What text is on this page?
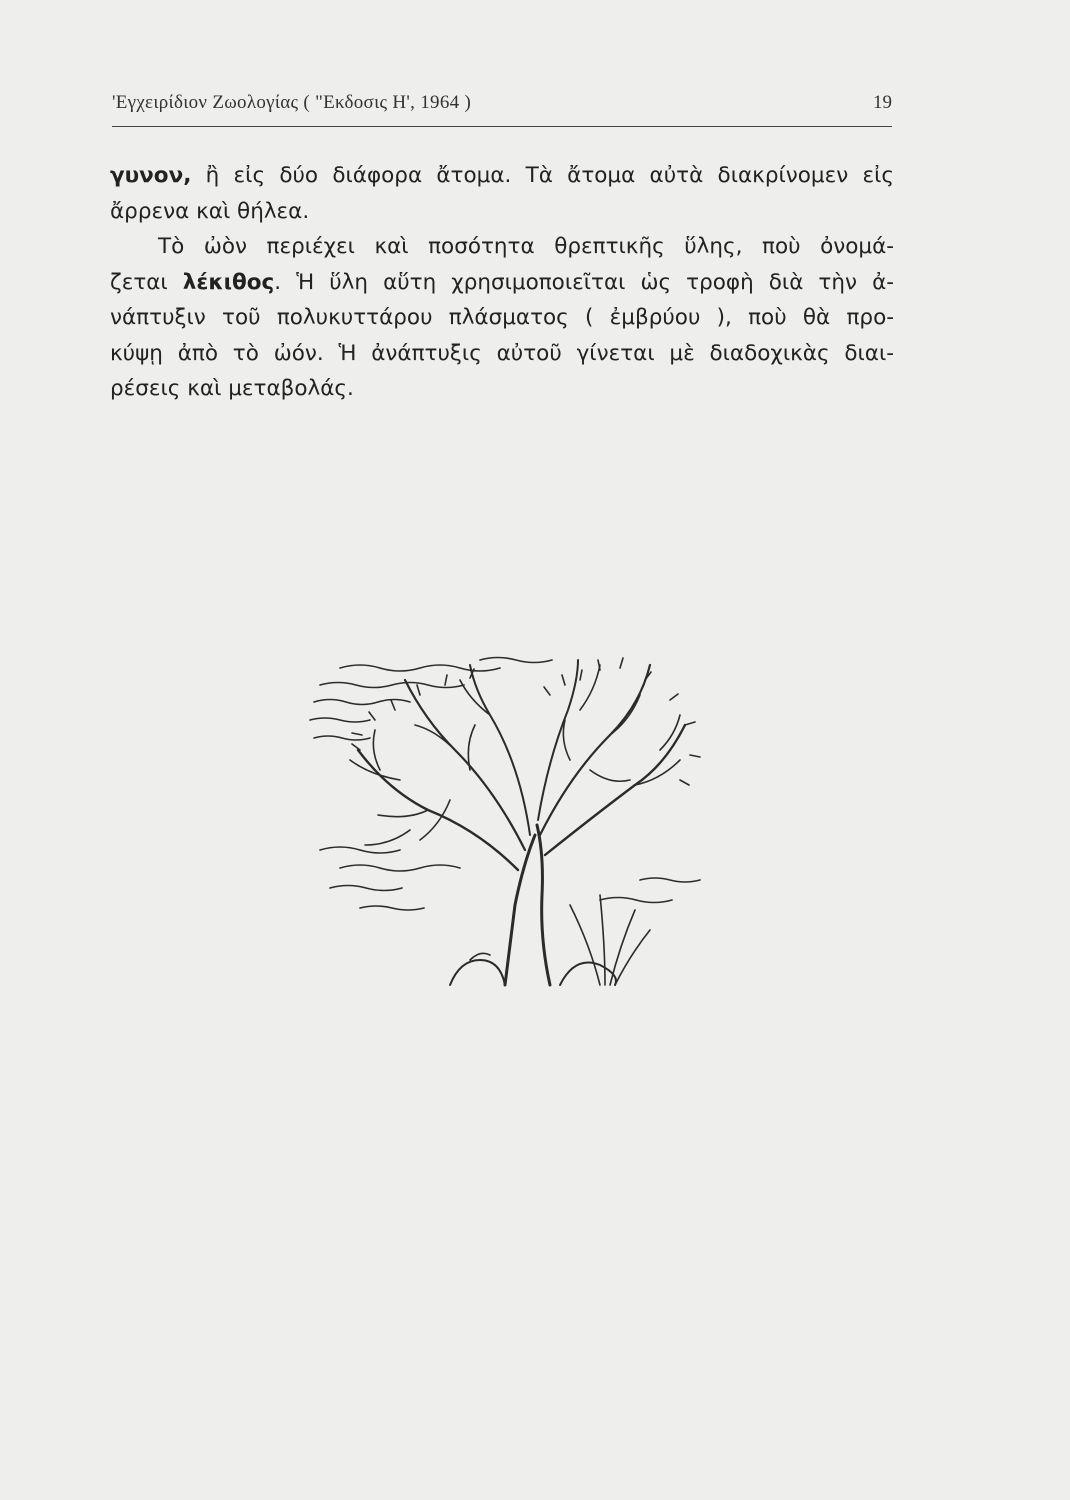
'Εγχειρίδιον Ζωολογίας ( "Εκδοσις Η', 1964 )	19
γυνον, ἢ εἰς δύο διάφορα ἄτομα. Τὰ ἄτομα αὐτὰ διακρίνομεν εἰς
ἄρρενα καὶ θήλεα.
Τὸ ὠὸν περιέχει καὶ ποσότητα θρεπτικῆς ὕλης, ποὺ ὀνομά-
ζεται λέκιθος. Ἡ ὕλη αὕτη χρησιμοποιεῖται ὡς τροφὴ διὰ τὴν ἀ-
νάπτυξιν τοῦ πολυκυττάρου πλάσματος ( ἐμβρύου ), ποὺ θὰ προ-
κύψῃ ἀπὸ τὸ ὠόν. Ἡ ἀνάπτυξις αὐτοῦ γίνεται μὲ διαδοχικὰς διαι-
ρέσεις καὶ μεταβολάς.
